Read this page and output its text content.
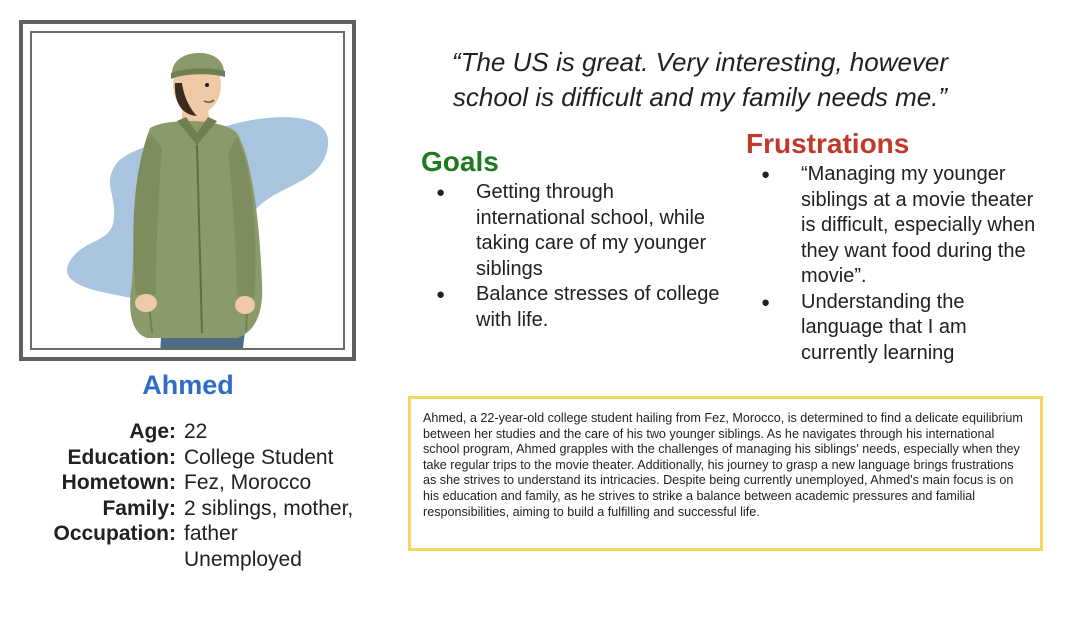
Ahmed
Age:
Education:
Hometown:
Family:
Occupation:
22
College Student
Fez, Morocco
2 siblings, mother,
father
Unemployed
“The US is great. Very interesting, however
school is difficult and my family needs me.”
Goals
● Getting through international school, while taking care of my younger siblings
● Balance stresses of college with life.
Frustrations
● “Managing my younger siblings at a movie theater is difficult, especially when they want food during the movie”.
● Understanding the language that I am currently learning
Ahmed, a 22-year-old college student hailing from Fez, Morocco, is determined to find a delicate equilibrium between her studies and the care of his two younger siblings. As he navigates through his international school program, Ahmed grapples with the challenges of managing his siblings' needs, especially when they take regular trips to the movie theater. Additionally, his journey to grasp a new language brings frustrations as she strives to understand its intricacies. Despite being currently unemployed, Ahmed's main focus is on his education and family, as he strives to strike a balance between academic pressures and familial responsibilities, aiming to build a fulfilling and successful life.
